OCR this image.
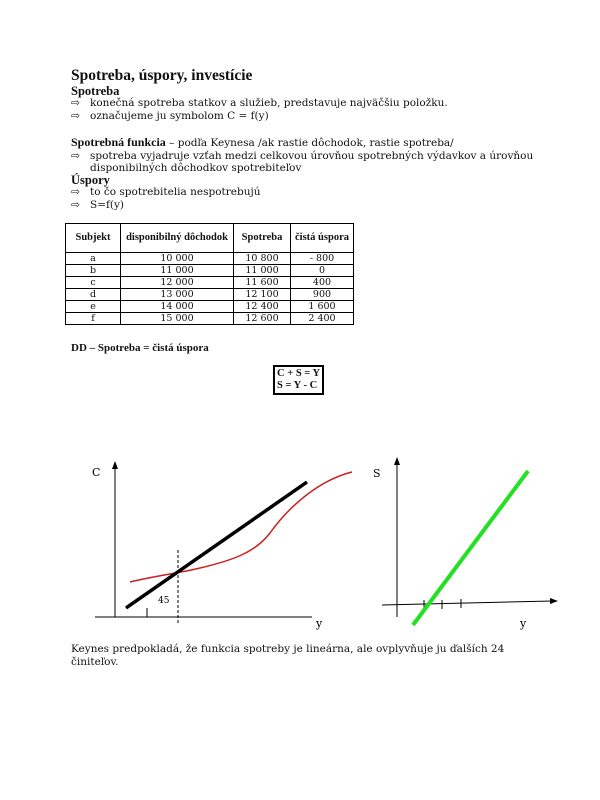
Spotreba, úspory, investície
Spotreba
⇨ konečná spotreba statkov a služieb, predstavuje najväčšiu položku.
⇨ označujeme ju symbolom C = f(y)
Spotrebná funkcia – podľa Keynesa /ak rastie dôchodok, rastie spotreba/
⇨ spotreba vyjadruje vzťah medzi celkovou úrovňou spotrebných výdavkov a úrovňou
disponibilných dôchodkov spotrebiteľov
Úspory
⇨ to čo spotrebitelia nespotrebujú
⇨ S=f(y)
Subjekt	disponibilný dôchodok	Spotreba	čistá úspora
a	10 000	10 800	- 800
b	11 000	11 000	0
c	12 000	11 600	400
d	13 000	12 100	900
e	14 000	12 400	1 600
f	15 000	12 600	2 400
DD – Spotreba = čistá úspora
C + S = Y
S = Y - C
C
y
45
S
y
Keynes predpokladá, že funkcia spotreby je lineárna, ale ovplyvňuje ju ďalších 24 činiteľov.
